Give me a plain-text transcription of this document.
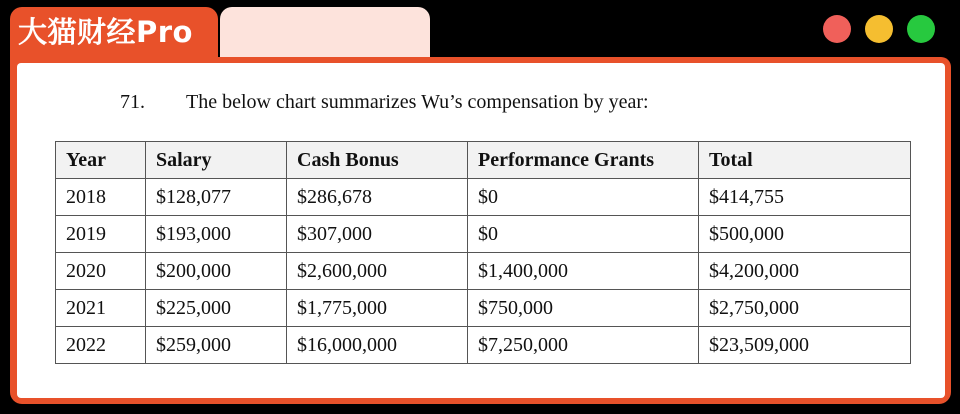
大猫财经Pro
71. The below chart summarizes Wu’s compensation by year:
Year	Salary	Cash Bonus	Performance Grants	Total
2018	$128,077	$286,678	$0	$414,755
2019	$193,000	$307,000	$0	$500,000
2020	$200,000	$2,600,000	$1,400,000	$4,200,000
2021	$225,000	$1,775,000	$750,000	$2,750,000
2022	$259,000	$16,000,000	$7,250,000	$23,509,000
